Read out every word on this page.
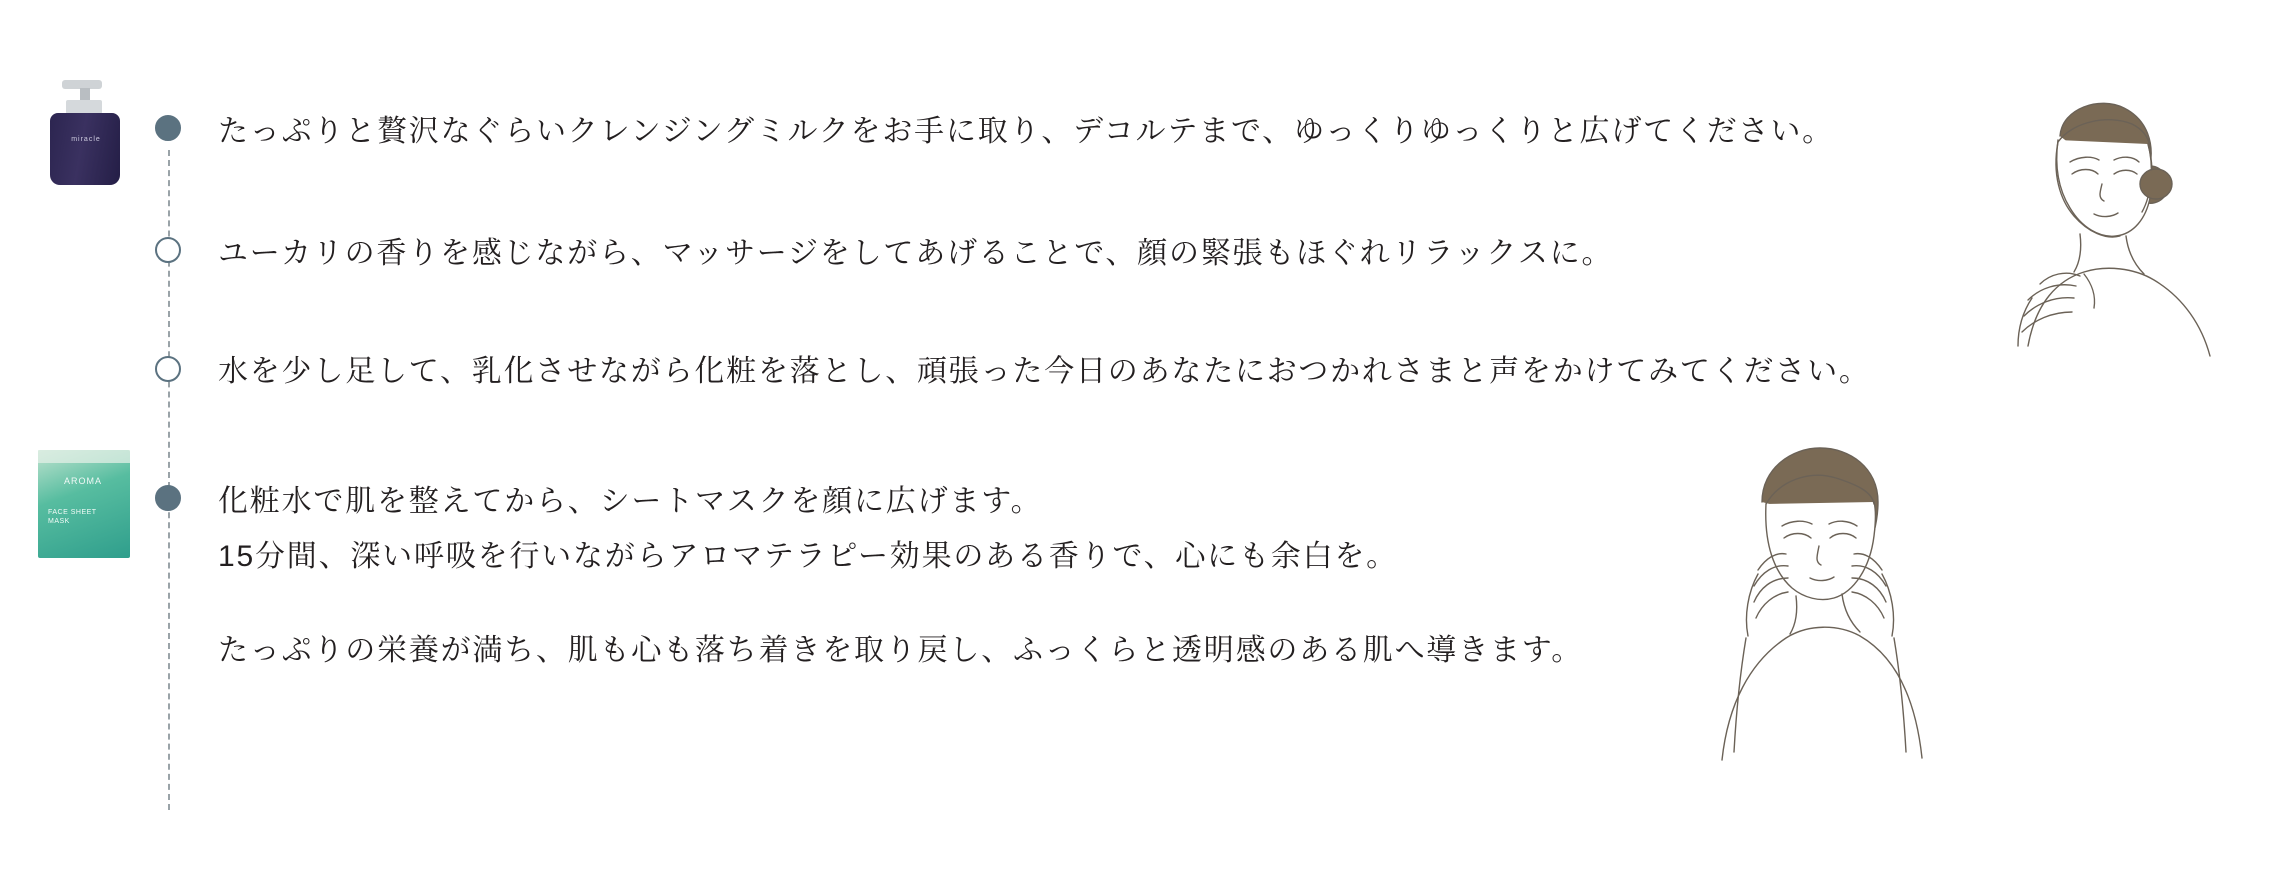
miracle
AROMA
FACE SHEET MASK
たっぷりと贅沢なぐらいクレンジングミルクをお手に取り、デコルテまで、ゆっくりゆっくりと広げてください。
ユーカリの香りを感じながら、マッサージをしてあげることで、顔の緊張もほぐれリラックスに。
水を少し足して、乳化させながら化粧を落とし、頑張った今日のあなたにおつかれさまと声をかけてみてください。
化粧水で肌を整えてから、シートマスクを顔に広げます。
15分間、深い呼吸を行いながらアロマテラピー効果のある香りで、心にも余白を。
たっぷりの栄養が満ち、肌も心も落ち着きを取り戻し、ふっくらと透明感のある肌へ導きます。
